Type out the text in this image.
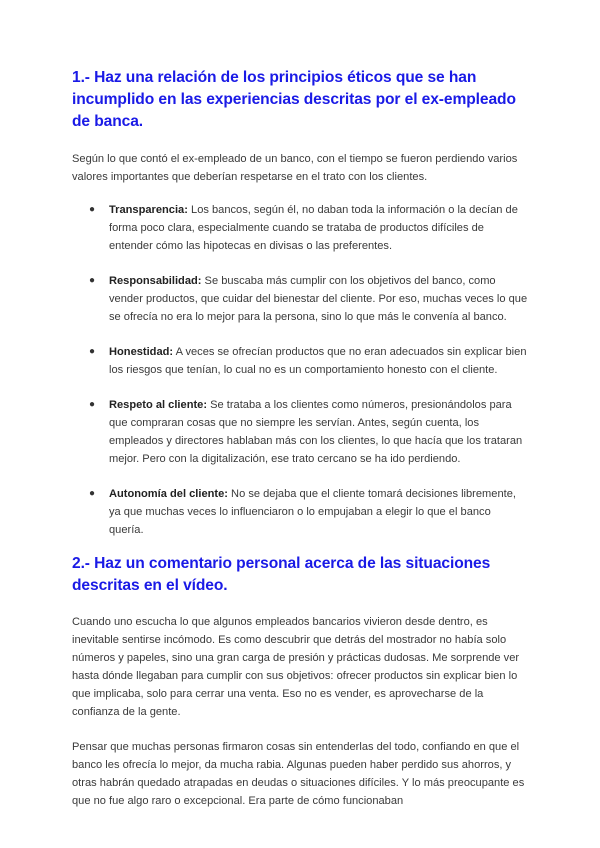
1.- Haz una relación de los principios éticos que se han incumplido en las experiencias descritas por el ex-empleado de banca.

Según lo que contó el ex-empleado de un banco, con el tiempo se fueron perdiendo varios valores importantes que deberían respetarse en el trato con los clientes.

● Transparencia: Los bancos, según él, no daban toda la información o la decían de forma poco clara, especialmente cuando se trataba de productos difíciles de entender cómo las hipotecas en divisas o las preferentes.
● Responsabilidad: Se buscaba más cumplir con los objetivos del banco, como vender productos, que cuidar del bienestar del cliente. Por eso, muchas veces lo que se ofrecía no era lo mejor para la persona, sino lo que más le convenía al banco.
● Honestidad: A veces se ofrecían productos que no eran adecuados sin explicar bien los riesgos que tenían, lo cual no es un comportamiento honesto con el cliente.
● Respeto al cliente: Se trataba a los clientes como números, presionándolos para que compraran cosas que no siempre les servían. Antes, según cuenta, los empleados y directores hablaban más con los clientes, lo que hacía que los trataran mejor. Pero con la digitalización, ese trato cercano se ha ido perdiendo.
● Autonomía del cliente: No se dejaba que el cliente tomará decisiones libremente, ya que muchas veces lo influenciaron o lo empujaban a elegir lo que el banco quería.
2.- Haz un comentario personal acerca de las situaciones descritas en el vídeo.

Cuando uno escucha lo que algunos empleados bancarios vivieron desde dentro, es inevitable sentirse incómodo. Es como descubrir que detrás del mostrador no había solo números y papeles, sino una gran carga de presión y prácticas dudosas. Me sorprende ver hasta dónde llegaban para cumplir con sus objetivos: ofrecer productos sin explicar bien lo que implicaba, solo para cerrar una venta. Eso no es vender, es aprovecharse de la confianza de la gente.

Pensar que muchas personas firmaron cosas sin entenderlas del todo, confiando en que el banco les ofrecía lo mejor, da mucha rabia. Algunas pueden haber perdido sus ahorros, y otras habrán quedado atrapadas en deudas o situaciones difíciles. Y lo más preocupante es que no fue algo raro o excepcional. Era parte de cómo funcionaban
